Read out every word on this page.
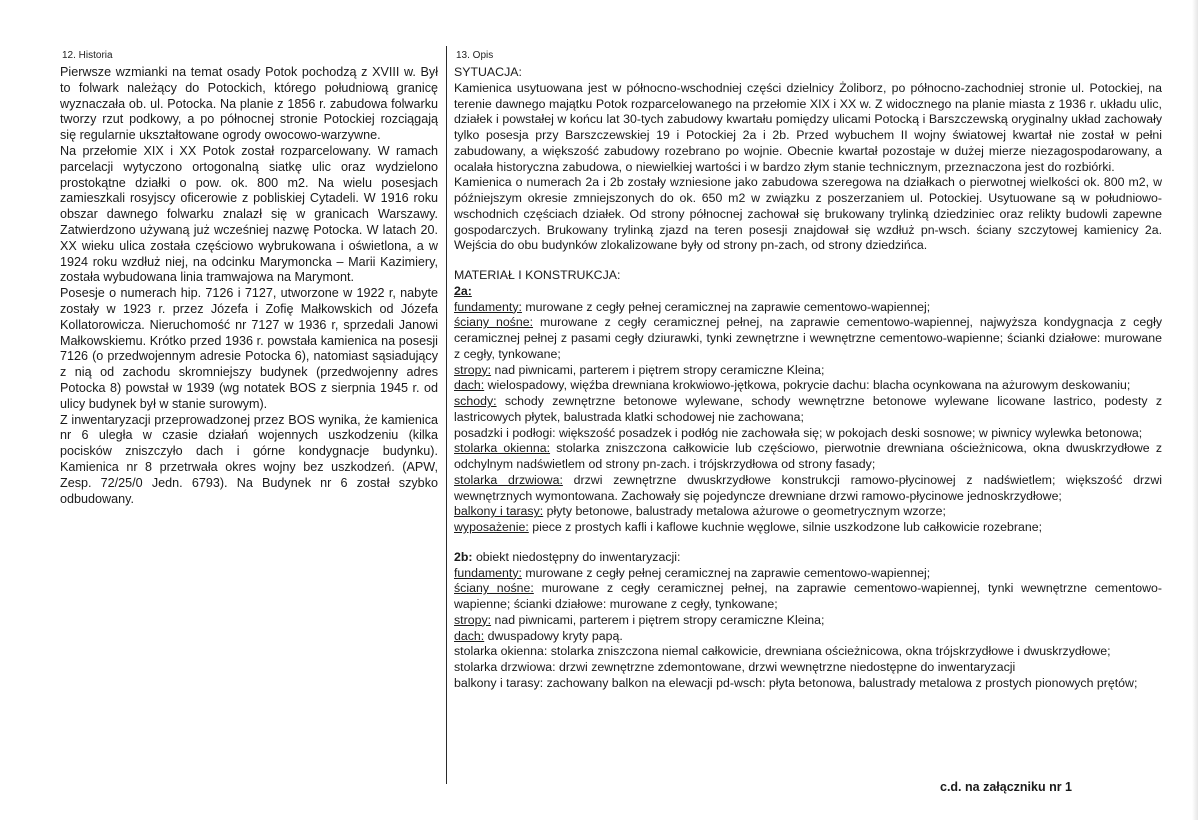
12. Historia

Pierwsze wzmianki na temat osady Potok pochodzą z XVIII w. Był to folwark należący do Potockich, którego południową granicę wyznaczała ob. ul. Potocka. Na planie z 1856 r. zabudowa folwarku tworzy rzut podkowy, a po północnej stronie Potockiej rozciągają się regularnie ukształtowane ogrody owocowo-warzywne.

Na przełomie XIX i XX Potok został rozparcelowany. W ramach parcelacji wytyczono ortogonalną siatkę ulic oraz wydzielono prostokątne działki o pow. ok. 800 m2. Na wielu posesjach zamieszkali rosyjscy oficerowie z pobliskiej Cytadeli. W 1916 roku obszar dawnego folwarku znalazł się w granicach Warszawy. Zatwierdzono używaną już wcześniej nazwę Potocka. W latach 20. XX wieku ulica została częściowo wybrukowana i oświetlona, a w 1924 roku wzdłuż niej, na odcinku Marymoncka – Marii Kazimiery, została wybudowana linia tramwajowa na Marymont.

Posesje o numerach hip. 7126 i 7127, utworzone w 1922 r, nabyte zostały w 1923 r. przez Józefa i Zofię Małkowskich od Józefa Kollatorowicza. Nieruchomość nr 7127 w 1936 r, sprzedali Janowi Małkowskiemu. Krótko przed 1936 r. powstała kamienica na posesji 7126 (o przedwojennym adresie Potocka 6), natomiast sąsiadujący z nią od zachodu skromniejszy budynek (przedwojenny adres Potocka 8) powstał w 1939 (wg notatek BOS z sierpnia 1945 r. od ulicy budynek był w stanie surowym).

Z inwentaryzacji przeprowadzonej przez BOS wynika, że kamienica nr 6 uległa w czasie działań wojennych uszkodzeniu (kilka pocisków zniszczyło dach i górne kondygnacje budynku). Kamienica nr 8 przetrwała okres wojny bez uszkodzeń. (APW, Zesp. 72/25/0 Jedn. 6793). Na Budynek nr 6 został szybko odbudowany.

13. Opis

SYTUACJA:

Kamienica usytuowana jest w północno-wschodniej części dzielnicy Żoliborz, po północno-zachodniej stronie ul. Potockiej, na terenie dawnego majątku Potok rozparcelowanego na przełomie XIX i XX w. Z widocznego na planie miasta z 1936 r. układu ulic, działek i powstałej w końcu lat 30-tych zabudowy kwartału pomiędzy ulicami Potocką i Barszczewską oryginalny układ zachowały tylko posesja przy Barszczewskiej 19 i Potockiej 2a i 2b. Przed wybuchem II wojny światowej kwartał nie został w pełni zabudowany, a większość zabudowy rozebrano po wojnie. Obecnie kwartał pozostaje w dużej mierze niezagospodarowany, a ocalała historyczna zabudowa, o niewielkiej wartości i w bardzo złym stanie technicznym, przeznaczona jest do rozbiórki.

Kamienica o numerach 2a i 2b zostały wzniesione jako zabudowa szeregowa na działkach o pierwotnej wielkości ok. 800 m2, w późniejszym okresie zmniejszonych do ok. 650 m2 w związku z poszerzaniem ul. Potockiej. Usytuowane są w południowo-wschodnich częściach działek. Od strony północnej zachował się brukowany trylinką dziedziniec oraz relikty budowli zapewne gospodarczych. Brukowany trylinką zjazd na teren posesji znajdował się wzdłuż pn-wsch. ściany szczytowej kamienicy 2a. Wejścia do obu budynków zlokalizowane były od strony pn-zach, od strony dziedzińca.

MATERIAŁ I KONSTRUKCJA:

2a:

fundamenty: murowane z cegły pełnej ceramicznej na zaprawie cementowo-wapiennej;

ściany nośne: murowane z cegły ceramicznej pełnej, na zaprawie cementowo-wapiennej, najwyższa kondygnacja z cegły ceramicznej pełnej z pasami cegły dziurawki, tynki zewnętrzne i wewnętrzne cementowo-wapienne; ścianki działowe: murowane z cegły, tynkowane;

stropy: nad piwnicami, parterem i piętrem stropy ceramiczne Kleina;

dach: wielospadowy, więźba drewniana krokwiowo-jętkowa, pokrycie dachu: blacha ocynkowana na ażurowym deskowaniu;

schody: schody zewnętrzne betonowe wylewane, schody wewnętrzne betonowe wylewane licowane lastrico, podesty z lastricowych płytek, balustrada klatki schodowej nie zachowana;

posadzki i podłogi: większość posadzek i podłóg nie zachowała się; w pokojach deski sosnowe; w piwnicy wylewka betonowa;

stolarka okienna: stolarka zniszczona całkowicie lub częściowo, pierwotnie drewniana ościeżnicowa, okna dwuskrzydłowe z odchylnym nadświetlem od strony pn-zach. i trójskrzydłowa od strony fasady;

stolarka drzwiowa: drzwi zewnętrzne dwuskrzydłowe konstrukcji ramowo-płycinowej z nadświetlem; większość drzwi wewnętrznych wymontowana. Zachowały się pojedyncze drewniane drzwi ramowo-płycinowe jednoskrzydłowe;

balkony i tarasy: płyty betonowe, balustrady metalowa ażurowe o geometrycznym wzorze;

wyposażenie: piece z prostych kafli i kaflowe kuchnie węglowe, silnie uszkodzone lub całkowicie rozebrane;

2b: obiekt niedostępny do inwentaryzacji:

fundamenty: murowane z cegły pełnej ceramicznej na zaprawie cementowo-wapiennej;

ściany nośne: murowane z cegły ceramicznej pełnej, na zaprawie cementowo-wapiennej, tynki wewnętrzne cementowo-wapienne; ścianki działowe: murowane z cegły, tynkowane;

stropy: nad piwnicami, parterem i piętrem stropy ceramiczne Kleina;

dach: dwuspadowy kryty papą.

stolarka okienna: stolarka zniszczona niemal całkowicie, drewniana ościeżnicowa, okna trójskrzydłowe i dwuskrzydłowe;

stolarka drzwiowa: drzwi zewnętrzne zdemontowane, drzwi wewnętrzne niedostępne do inwentaryzacji

balkony i tarasy: zachowany balkon na elewacji pd-wsch: płyta betonowa, balustrady metalowa z prostych pionowych prętów;

c.d. na załączniku nr 1
